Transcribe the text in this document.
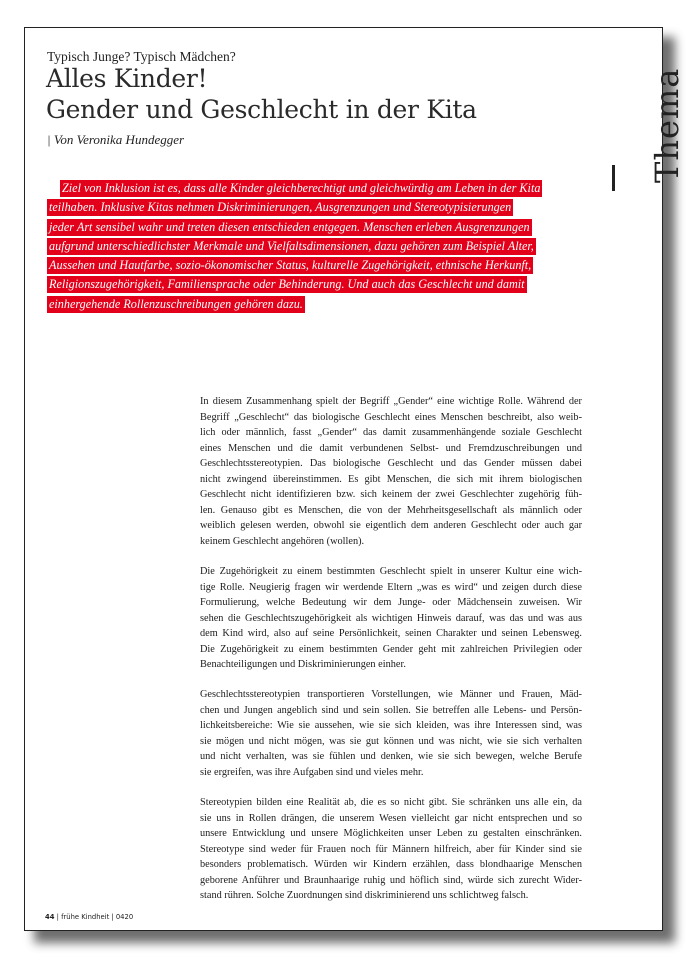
Typisch Junge? Typisch Mädchen?
Alles Kinder!
Gender und Geschlecht in der Kita
| Von Veronika Hundegger	Thema
Ziel von Inklusion ist es, dass alle Kinder gleichberechtigt und gleichwürdig am Leben in der Kita
teilhaben. Inklusive Kitas nehmen Diskriminierungen, Ausgrenzungen und Stereotypisierungen
jeder Art sensibel wahr und treten diesen entschieden entgegen. Menschen erleben Ausgrenzungen
aufgrund unterschiedlichster Merkmale und Vielfaltsdimensionen, dazu gehören zum Beispiel Alter,
Aussehen und Hautfarbe, sozio-ökonomischer Status, kulturelle Zugehörigkeit, ethnische Herkunft,
Religionszugehörigkeit, Familiensprache oder Behinderung. Und auch das Geschlecht und damit
einhergehende Rollenzuschreibungen gehören dazu.
In diesem Zusammenhang spielt der Begriff „Gender“ eine wichtige Rolle. Während der
Begriff „Geschlecht“ das biologische Geschlecht eines Menschen beschreibt, also weib-
lich oder männlich, fasst „Gender“ das damit zusammenhängende soziale Geschlecht
eines Menschen und die damit verbundenen Selbst- und Fremdzuschreibungen und
Geschlechtsstereotypien. Das biologische Geschlecht und das Gender müssen dabei
nicht zwingend übereinstimmen. Es gibt Menschen, die sich mit ihrem biologischen
Geschlecht nicht identifizieren bzw. sich keinem der zwei Geschlechter zugehörig füh-
len. Genauso gibt es Menschen, die von der Mehrheitsgesellschaft als männlich oder
weiblich gelesen werden, obwohl sie eigentlich dem anderen Geschlecht oder auch gar
keinem Geschlecht angehören (wollen).
Die Zugehörigkeit zu einem bestimmten Geschlecht spielt in unserer Kultur eine wich-
tige Rolle. Neugierig fragen wir werdende Eltern „was es wird“ und zeigen durch diese
Formulierung, welche Bedeutung wir dem Junge- oder Mädchensein zuweisen. Wir
sehen die Geschlechtszugehörigkeit als wichtigen Hinweis darauf, was das und was aus
dem Kind wird, also auf seine Persönlichkeit, seinen Charakter und seinen Lebensweg.
Die Zugehörigkeit zu einem bestimmten Gender geht mit zahlreichen Privilegien oder
Benachteiligungen und Diskriminierungen einher.
Geschlechtsstereotypien transportieren Vorstellungen, wie Männer und Frauen, Mäd-
chen und Jungen angeblich sind und sein sollen. Sie betreffen alle Lebens- und Persön-
lichkeitsbereiche: Wie sie aussehen, wie sie sich kleiden, was ihre Interessen sind, was
sie mögen und nicht mögen, was sie gut können und was nicht, wie sie sich verhalten
und nicht verhalten, was sie fühlen und denken, wie sie sich bewegen, welche Berufe
sie ergreifen, was ihre Aufgaben sind und vieles mehr.
Stereotypien bilden eine Realität ab, die es so nicht gibt. Sie schränken uns alle ein, da
sie uns in Rollen drängen, die unserem Wesen vielleicht gar nicht entsprechen und so
unsere Entwicklung und unsere Möglichkeiten unser Leben zu gestalten einschränken.
Stereotype sind weder für Frauen noch für Männern hilfreich, aber für Kinder sind sie
besonders problematisch. Würden wir Kindern erzählen, dass blondhaarige Menschen
geborene Anführer und Braunhaarige ruhig und höflich sind, würde sich zurecht Wider-
stand rühren. Solche Zuordnungen sind diskriminierend uns schlichtweg falsch.
44 | frühe Kindheit | 0420
